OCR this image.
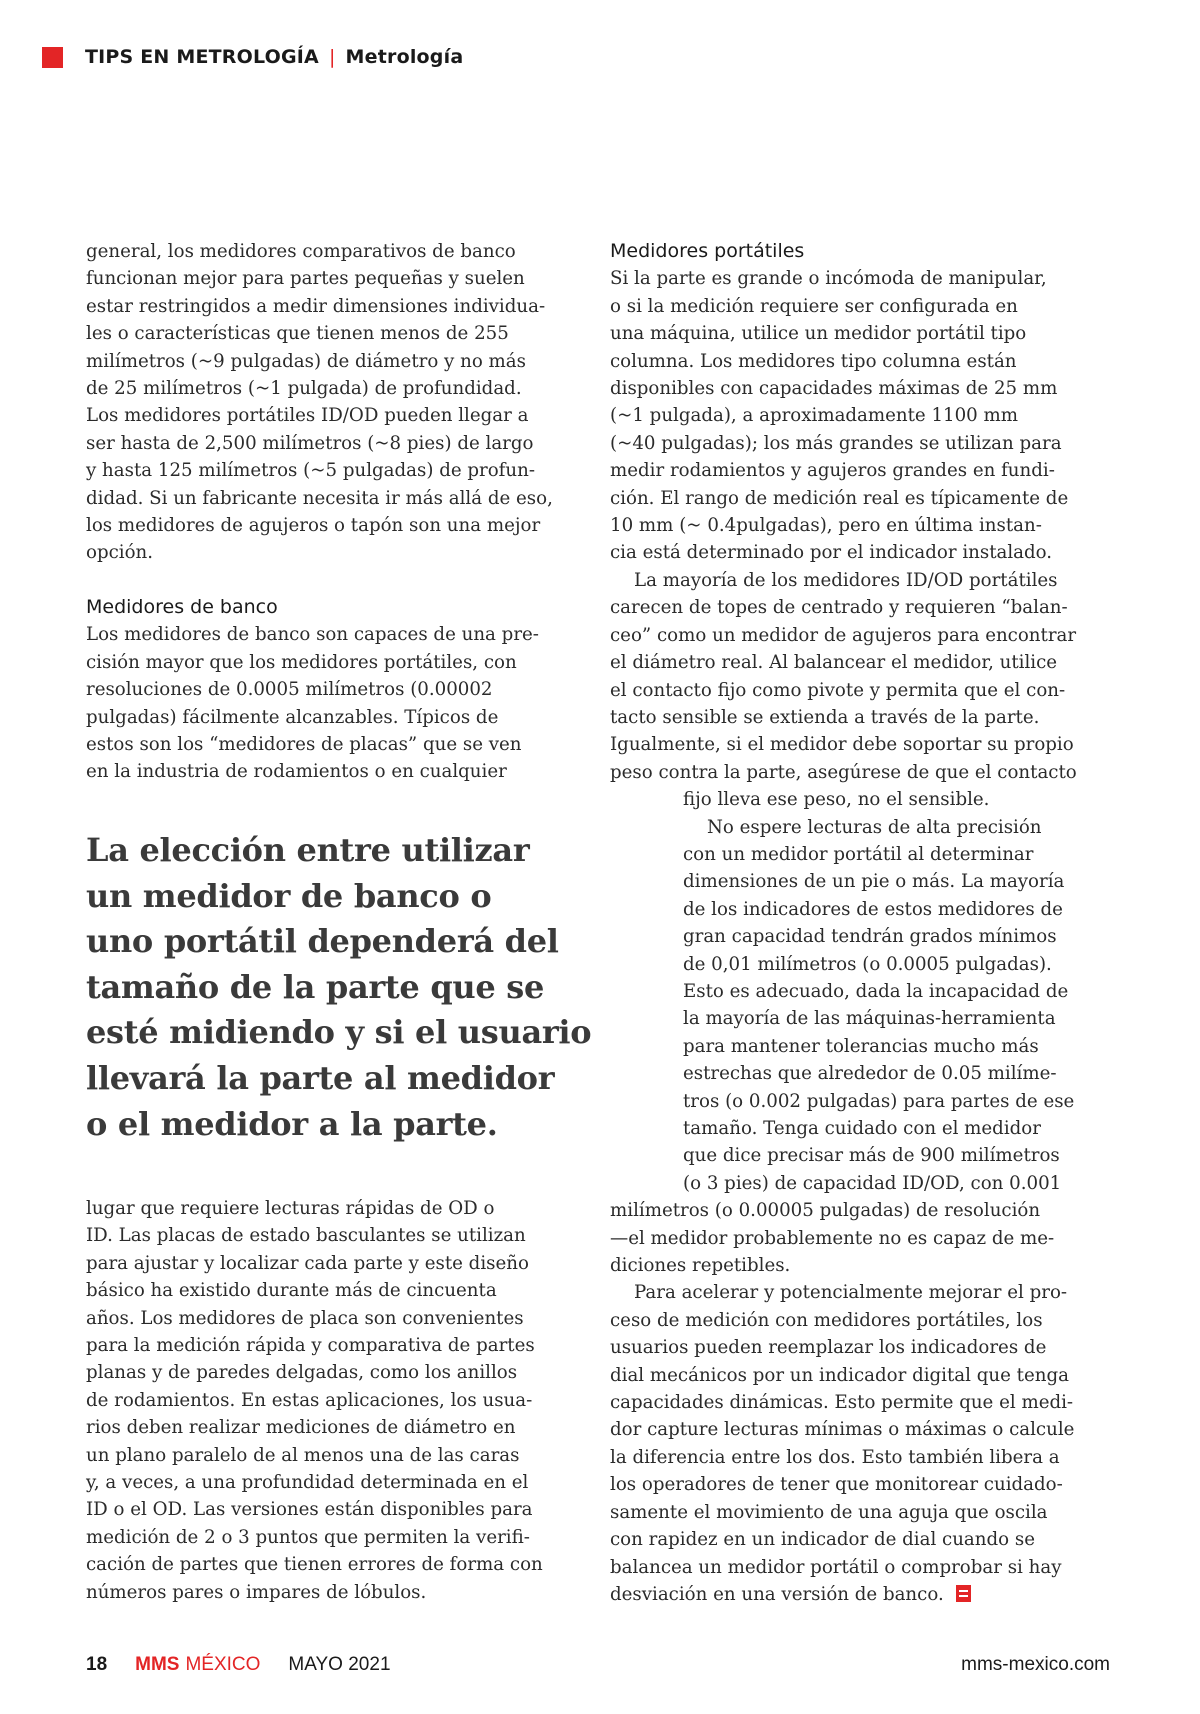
TIPS EN METROLOGÍA | Metrología

general, los medidores comparativos de banco
funcionan mejor para partes pequeñas y suelen
estar restringidos a medir dimensiones individua-
les o características que tienen menos de 255
milímetros (~9 pulgadas) de diámetro y no más
de 25 milímetros (~1 pulgada) de profundidad.
Los medidores portátiles ID/OD pueden llegar a
ser hasta de 2,500 milímetros (~8 pies) de largo
y hasta 125 milímetros (~5 pulgadas) de profun-
didad. Si un fabricante necesita ir más allá de eso,
los medidores de agujeros o tapón son una mejor
opción.

Medidores de banco

Los medidores de banco son capaces de una pre-
cisión mayor que los medidores portátiles, con
resoluciones de 0.0005 milímetros (0.00002
pulgadas) fácilmente alcanzables. Típicos de
estos son los “medidores de placas” que se ven
en la industria de rodamientos o en cualquier

La elección entre utilizar
un medidor de banco o
uno portátil dependerá del
tamaño de la parte que se
esté midiendo y si el usuario
llevará la parte al medidor
o el medidor a la parte.

lugar que requiere lecturas rápidas de OD o
ID. Las placas de estado basculantes se utilizan
para ajustar y localizar cada parte y este diseño
básico ha existido durante más de cincuenta
años. Los medidores de placa son convenientes
para la medición rápida y comparativa de partes
planas y de paredes delgadas, como los anillos
de rodamientos. En estas aplicaciones, los usua-
rios deben realizar mediciones de diámetro en
un plano paralelo de al menos una de las caras
y, a veces, a una profundidad determinada en el
ID o el OD. Las versiones están disponibles para
medición de 2 o 3 puntos que permiten la verifi-
cación de partes que tienen errores de forma con
números pares o impares de lóbulos.

Medidores portátiles

Si la parte es grande o incómoda de manipular,
o si la medición requiere ser configurada en
una máquina, utilice un medidor portátil tipo
columna. Los medidores tipo columna están
disponibles con capacidades máximas de 25 mm
(~1 pulgada), a aproximadamente 1100 mm
(~40 pulgadas); los más grandes se utilizan para
medir rodamientos y agujeros grandes en fundi-
ción. El rango de medición real es típicamente de
10 mm (~ 0.4pulgadas), pero en última instan-
cia está determinado por el indicador instalado.

La mayoría de los medidores ID/OD portátiles
carecen de topes de centrado y requieren “balan-
ceo” como un medidor de agujeros para encontrar
el diámetro real. Al balancear el medidor, utilice
el contacto fijo como pivote y permita que el con-
tacto sensible se extienda a través de la parte.
Igualmente, si el medidor debe soportar su propio
peso contra la parte, asegúrese de que el contacto
fijo lleva ese peso, no el sensible.

No espere lecturas de alta precisión
con un medidor portátil al determinar
dimensiones de un pie o más. La mayoría
de los indicadores de estos medidores de
gran capacidad tendrán grados mínimos
de 0,01 milímetros (o 0.0005 pulgadas).
Esto es adecuado, dada la incapacidad de
la mayoría de las máquinas-herramienta
para mantener tolerancias mucho más
estrechas que alrededor de 0.05 milíme-
tros (o 0.002 pulgadas) para partes de ese
tamaño. Tenga cuidado con el medidor
que dice precisar más de 900 milímetros
(o 3 pies) de capacidad ID/OD, con 0.001
milímetros (o 0.00005 pulgadas) de resolución
—el medidor probablemente no es capaz de me-
diciones repetibles.

Para acelerar y potencialmente mejorar el pro-
ceso de medición con medidores portátiles, los
usuarios pueden reemplazar los indicadores de
dial mecánicos por un indicador digital que tenga
capacidades dinámicas. Esto permite que el medi-
dor capture lecturas mínimas o máximas o calcule
la diferencia entre los dos. Esto también libera a
los operadores de tener que monitorear cuidado-
samente el movimiento de una aguja que oscila
con rapidez en un indicador de dial cuando se
balancea un medidor portátil o comprobar si hay
desviación en una versión de banco.

18 MMS MÉXICO MAYO 2021	mms-mexico.com
